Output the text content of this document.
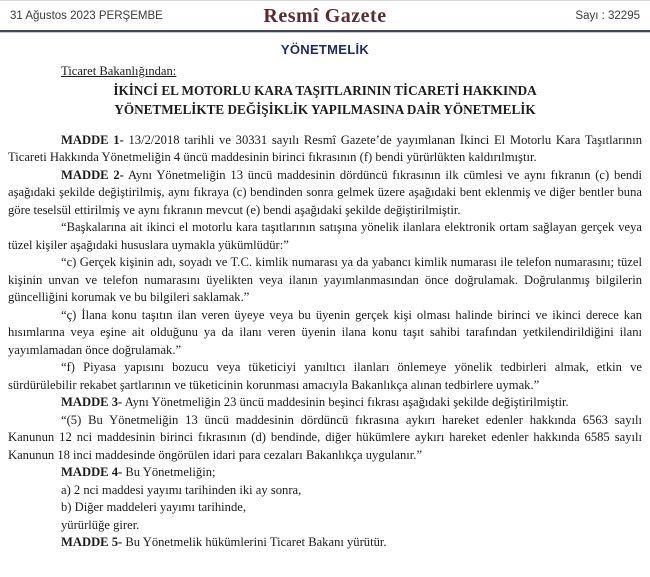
31 Ağustos 2023 PERŞEMBE	Resmî Gazete	Sayı : 32295
YÖNETMELİK

Ticaret Bakanlığından:

İKİNCİ EL MOTORLU KARA TAŞITLARININ TİCARETİ HAKKINDA

YÖNETMELİKTE DEĞİŞİKLİK YAPILMASINA DAİR YÖNETMELİK

MADDE 1- 13/2/2018 tarihli ve 30331 sayılı Resmî Gazete’de yayımlanan İkinci El Motorlu Kara Taşıtlarının Ticareti Hakkında Yönetmeliğin 4 üncü maddesinin birinci fıkrasının (f) bendi yürürlükten kaldırılmıştır.

MADDE 2- Aynı Yönetmeliğin 13 üncü maddesinin dördüncü fıkrasının ilk cümlesi ve aynı fıkranın (c) bendi aşağıdaki şekilde değiştirilmiş, aynı fıkraya (c) bendinden sonra gelmek üzere aşağıdaki bent eklenmiş ve diğer bentler buna göre teselsül ettirilmiş ve aynı fıkranın mevcut (e) bendi aşağıdaki şekilde değiştirilmiştir.

“Başkalarına ait ikinci el motorlu kara taşıtlarının satışına yönelik ilanlara elektronik ortam sağlayan gerçek veya tüzel kişiler aşağıdaki hususlara uymakla yükümlüdür:”

“c) Gerçek kişinin adı, soyadı ve T.C. kimlik numarası ya da yabancı kimlik numarası ile telefon numarasını; tüzel kişinin unvan ve telefon numarasını üyelikten veya ilanın yayımlanmasından önce doğrulamak. Doğrulanmış bilgilerin güncelliğini korumak ve bu bilgileri saklamak.”

“ç) İlana konu taşıtın ilan veren üyeye veya bu üyenin gerçek kişi olması halinde birinci ve ikinci derece kan hısımlarına veya eşine ait olduğunu ya da ilanı veren üyenin ilana konu taşıt sahibi tarafından yetkilendirildiğini ilanı yayımlamadan önce doğrulamak.”

“f) Piyasa yapısını bozucu veya tüketiciyi yanıltıcı ilanları önlemeye yönelik tedbirleri almak, etkin ve sürdürülebilir rekabet şartlarının ve tüketicinin korunması amacıyla Bakanlıkça alınan tedbirlere uymak.”

MADDE 3- Aynı Yönetmeliğin 23 üncü maddesinin beşinci fıkrası aşağıdaki şekilde değiştirilmiştir.

“(5) Bu Yönetmeliğin 13 üncü maddesinin dördüncü fıkrasına aykırı hareket edenler hakkında 6563 sayılı Kanunun 12 nci maddesinin birinci fıkrasının (d) bendinde, diğer hükümlere aykırı hareket edenler hakkında 6585 sayılı Kanunun 18 inci maddesinde öngörülen idari para cezaları Bakanlıkça uygulanır.”

MADDE 4- Bu Yönetmeliğin;

a) 2 nci maddesi yayımı tarihinden iki ay sonra,

b) Diğer maddeleri yayımı tarihinde,

yürürlüğe girer.

MADDE 5- Bu Yönetmelik hükümlerini Ticaret Bakanı yürütür.
